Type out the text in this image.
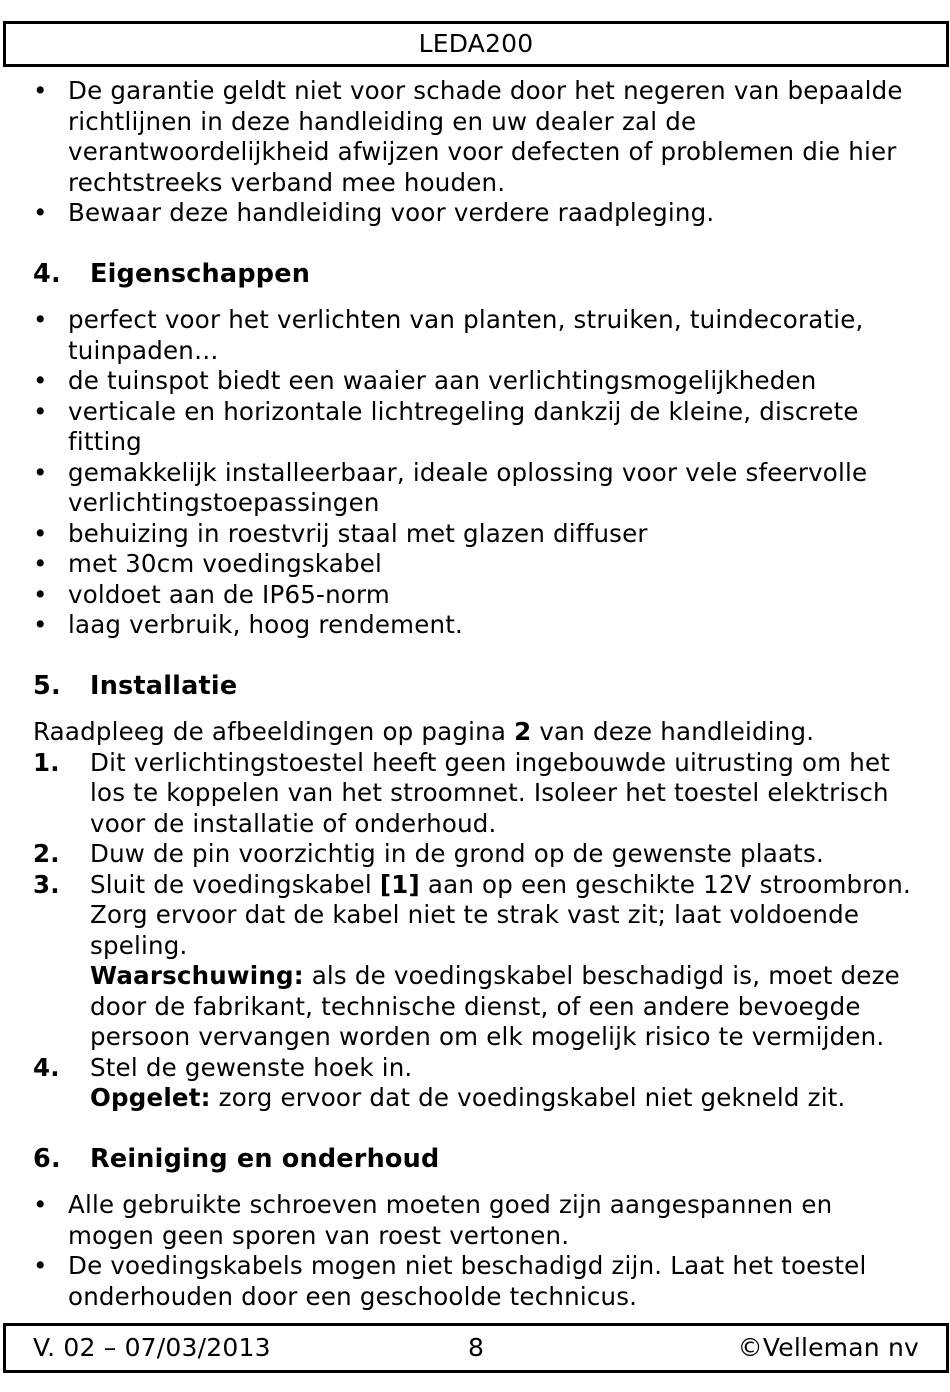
LEDA200
• De garantie geldt niet voor schade door het negeren van bepaalde richtlijnen in deze handleiding en uw dealer zal de verantwoordelijkheid afwijzen voor defecten of problemen die hier rechtstreeks verband mee houden.
• Bewaar deze handleiding voor verdere raadpleging.
4. Eigenschappen
• perfect voor het verlichten van planten, struiken, tuindecoratie, tuinpaden…
• de tuinspot biedt een waaier aan verlichtingsmogelijkheden
• verticale en horizontale lichtregeling dankzij de kleine, discrete fitting
• gemakkelijk installeerbaar, ideale oplossing voor vele sfeervolle verlichtingstoepassingen
• behuizing in roestvrij staal met glazen diffuser
• met 30cm voedingskabel
• voldoet aan de IP65-norm
• laag verbruik, hoog rendement.
5. Installatie

Raadpleeg de afbeeldingen op pagina 2 van deze handleiding.

1. Dit verlichtingstoestel heeft geen ingebouwde uitrusting om het los te koppelen van het stroomnet. Isoleer het toestel elektrisch voor de installatie of onderhoud.
2. Duw de pin voorzichtig in de grond op de gewenste plaats.
3. Sluit de voedingskabel [1] aan op een geschikte 12V stroombron. Zorg ervoor dat de kabel niet te strak vast zit; laat voldoende speling.
Waarschuwing: als de voedingskabel beschadigd is, moet deze door de fabrikant, technische dienst, of een andere bevoegde persoon vervangen worden om elk mogelijk risico te vermijden.
4. Stel de gewenste hoek in.
Opgelet: zorg ervoor dat de voedingskabel niet gekneld zit.
6. Reiniging en onderhoud
• Alle gebruikte schroeven moeten goed zijn aangespannen en mogen geen sporen van roest vertonen.
• De voedingskabels mogen niet beschadigd zijn. Laat het toestel onderhouden door een geschoolde technicus.
8
V. 02 – 07/03/2013	©Velleman nv
